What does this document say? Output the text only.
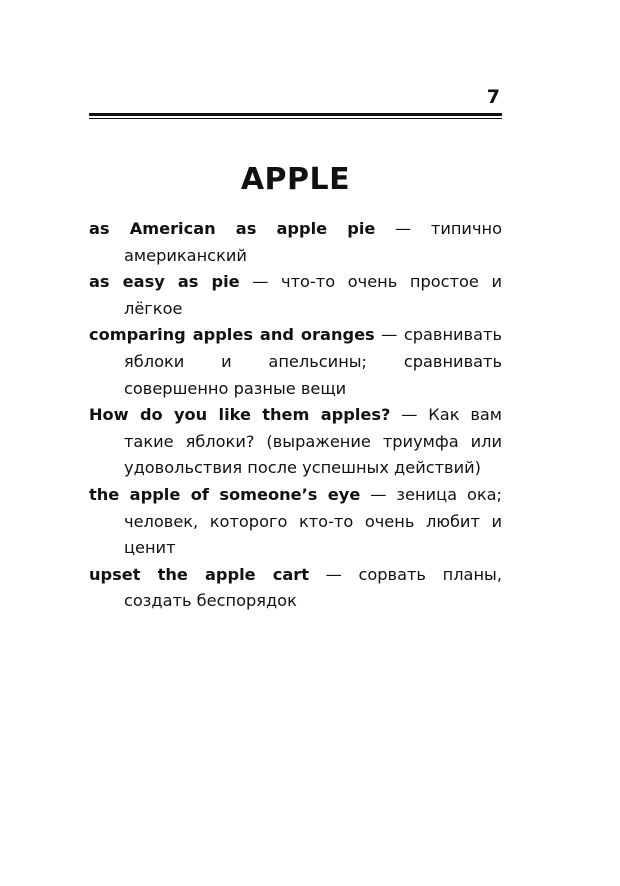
7
APPLE

as American as apple pie — типично американский

as easy as pie — что-то очень простое и лёгкое

comparing apples and oranges — сравнивать яблоки и апельсины; сравнивать совершенно разные вещи

How do you like them apples? — Как вам такие яблоки? (выражение триумфа или удовольствия после успешных действий)

the apple of someone’s eye — зеница ока; человек, которого кто-то очень любит и ценит

upset the apple cart — сорвать планы, создать беспорядок
